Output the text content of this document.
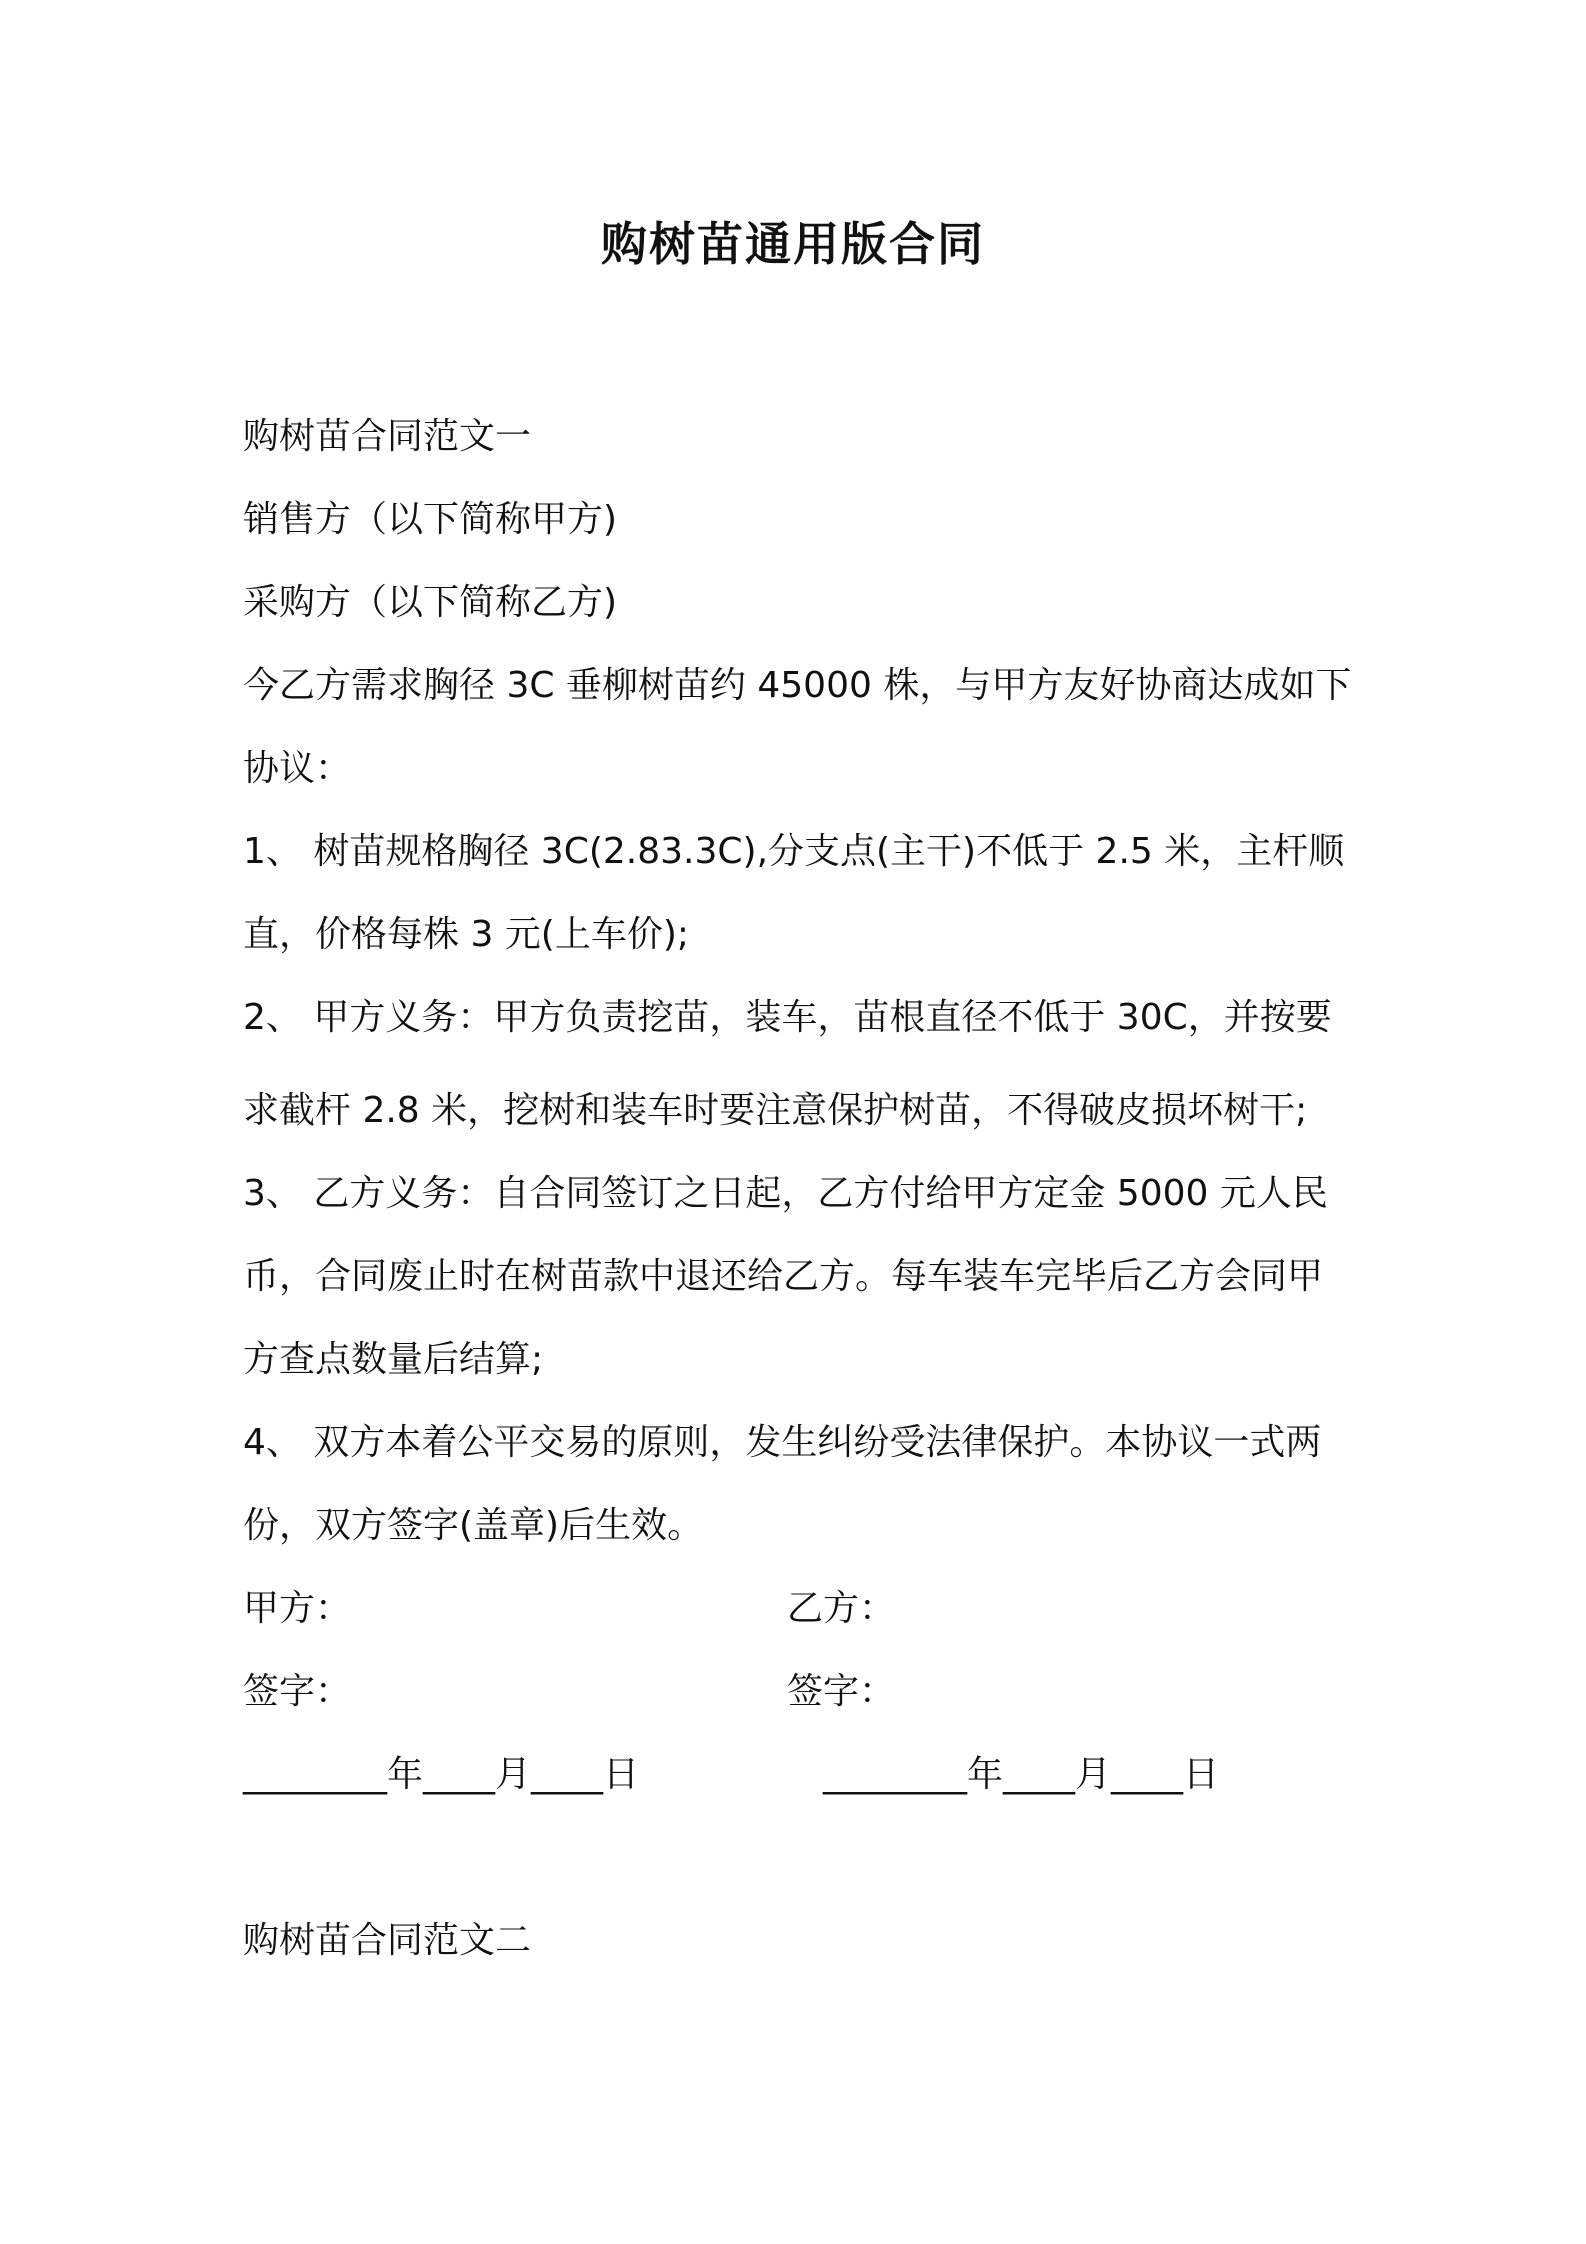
购树苗通用版合同
购树苗合同范文一
销售方（以下简称甲方)
采购方（以下简称乙方)
今乙方需求胸径 3C 垂柳树苗约 45000 株，与甲方友好协商达成如下
协议：
1、 树苗规格胸径 3C(2.83.3C),分支点(主干)不低于 2.5 米，主杆顺
直，价格每株 3 元(上车价);
2、 甲方义务：甲方负责挖苗，装车，苗根直径不低于 30C，并按要
求截杆 2.8 米，挖树和装车时要注意保护树苗，不得破皮损坏树干;
3、 乙方义务：自合同签订之日起，乙方付给甲方定金 5000 元人民
币，合同废止时在树苗款中退还给乙方。每车装车完毕后乙方会同甲
方查点数量后结算;
4、 双方本着公平交易的原则，发生纠纷受法律保护。本协议一式两
份，双方签字(盖章)后生效。
甲方：	乙方：
签字：	签字：
________年____月____日	________年____月____日
购树苗合同范文二
